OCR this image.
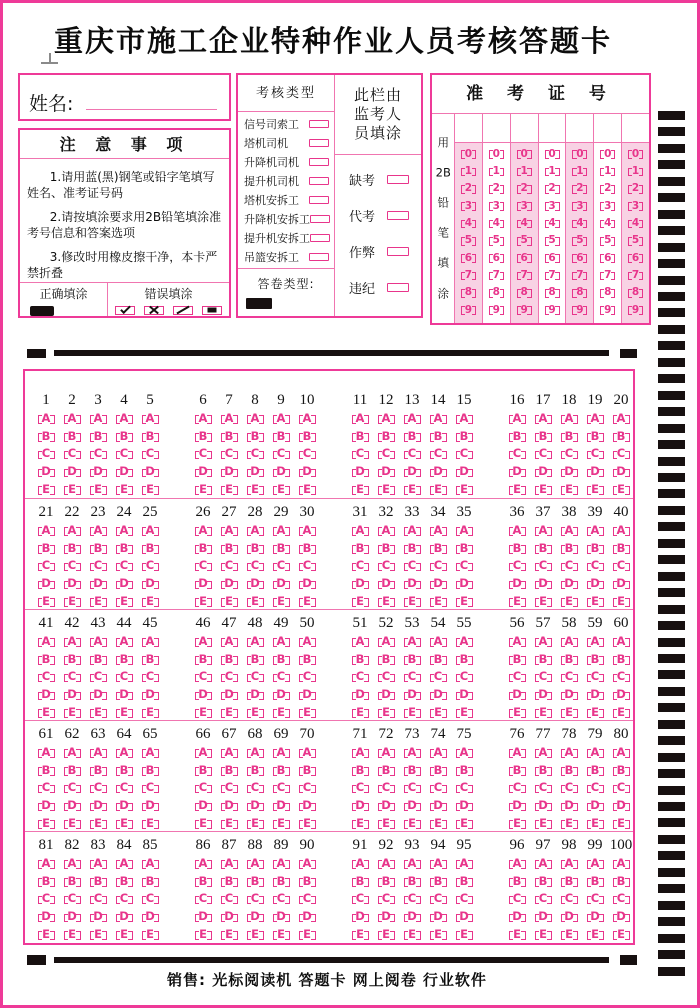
重庆市施工企业特种作业人员考核答题卡
姓名:
注 意 事 项

1.请用蓝(黑)钢笔或铅字笔填写姓名、准考证号码

2.请按填涂要求用2B铅笔填涂准考号信息和答案选项

3.修改时用橡皮擦干净，本卡严禁折叠

正确填涂	错误填涂
考核类型
信号司索工
塔机司机
升降机司机
提升机司机
塔机安拆工
升降机安拆工
提升机安拆工
吊篮安拆工
答卷类型:
此栏由
监考人
员填涂
缺考
代考
作弊
违纪
准 考 证 号
用
2B
铅
笔
填
涂
0
1
2
3
4
5
6
7
8
9
0
1
2
3
4
5
6
7
8
9
0
1
2
3
4
5
6
7
8
9
0
1
2
3
4
5
6
7
8
9
0
1
2
3
4
5
6
7
8
9
0
1
2
3
4
5
6
7
8
9
0
1
2
3
4
5
6
7
8
9
1
A
B
C
D
E
2
A
B
C
D
E
3
A
B
C
D
E
4
A
B
C
D
E
5
A
B
C
D
E
6
A
B
C
D
E
7
A
B
C
D
E
8
A
B
C
D
E
9
A
B
C
D
E
10
A
B
C
D
E
11
A
B
C
D
E
12
A
B
C
D
E
13
A
B
C
D
E
14
A
B
C
D
E
15
A
B
C
D
E
16
A
B
C
D
E
17
A
B
C
D
E
18
A
B
C
D
E
19
A
B
C
D
E
20
A
B
C
D
E
21
A
B
C
D
E
22
A
B
C
D
E
23
A
B
C
D
E
24
A
B
C
D
E
25
A
B
C
D
E
26
A
B
C
D
E
27
A
B
C
D
E
28
A
B
C
D
E
29
A
B
C
D
E
30
A
B
C
D
E
31
A
B
C
D
E
32
A
B
C
D
E
33
A
B
C
D
E
34
A
B
C
D
E
35
A
B
C
D
E
36
A
B
C
D
E
37
A
B
C
D
E
38
A
B
C
D
E
39
A
B
C
D
E
40
A
B
C
D
E
41
A
B
C
D
E
42
A
B
C
D
E
43
A
B
C
D
E
44
A
B
C
D
E
45
A
B
C
D
E
46
A
B
C
D
E
47
A
B
C
D
E
48
A
B
C
D
E
49
A
B
C
D
E
50
A
B
C
D
E
51
A
B
C
D
E
52
A
B
C
D
E
53
A
B
C
D
E
54
A
B
C
D
E
55
A
B
C
D
E
56
A
B
C
D
E
57
A
B
C
D
E
58
A
B
C
D
E
59
A
B
C
D
E
60
A
B
C
D
E
61
A
B
C
D
E
62
A
B
C
D
E
63
A
B
C
D
E
64
A
B
C
D
E
65
A
B
C
D
E
66
A
B
C
D
E
67
A
B
C
D
E
68
A
B
C
D
E
69
A
B
C
D
E
70
A
B
C
D
E
71
A
B
C
D
E
72
A
B
C
D
E
73
A
B
C
D
E
74
A
B
C
D
E
75
A
B
C
D
E
76
A
B
C
D
E
77
A
B
C
D
E
78
A
B
C
D
E
79
A
B
C
D
E
80
A
B
C
D
E
81
A
B
C
D
E
82
A
B
C
D
E
83
A
B
C
D
E
84
A
B
C
D
E
85
A
B
C
D
E
86
A
B
C
D
E
87
A
B
C
D
E
88
A
B
C
D
E
89
A
B
C
D
E
90
A
B
C
D
E
91
A
B
C
D
E
92
A
B
C
D
E
93
A
B
C
D
E
94
A
B
C
D
E
95
A
B
C
D
E
96
A
B
C
D
E
97
A
B
C
D
E
98
A
B
C
D
E
99
A
B
C
D
E
100
A
B
C
D
E
销售: 光标阅读机 答题卡 网上阅卷 行业软件
